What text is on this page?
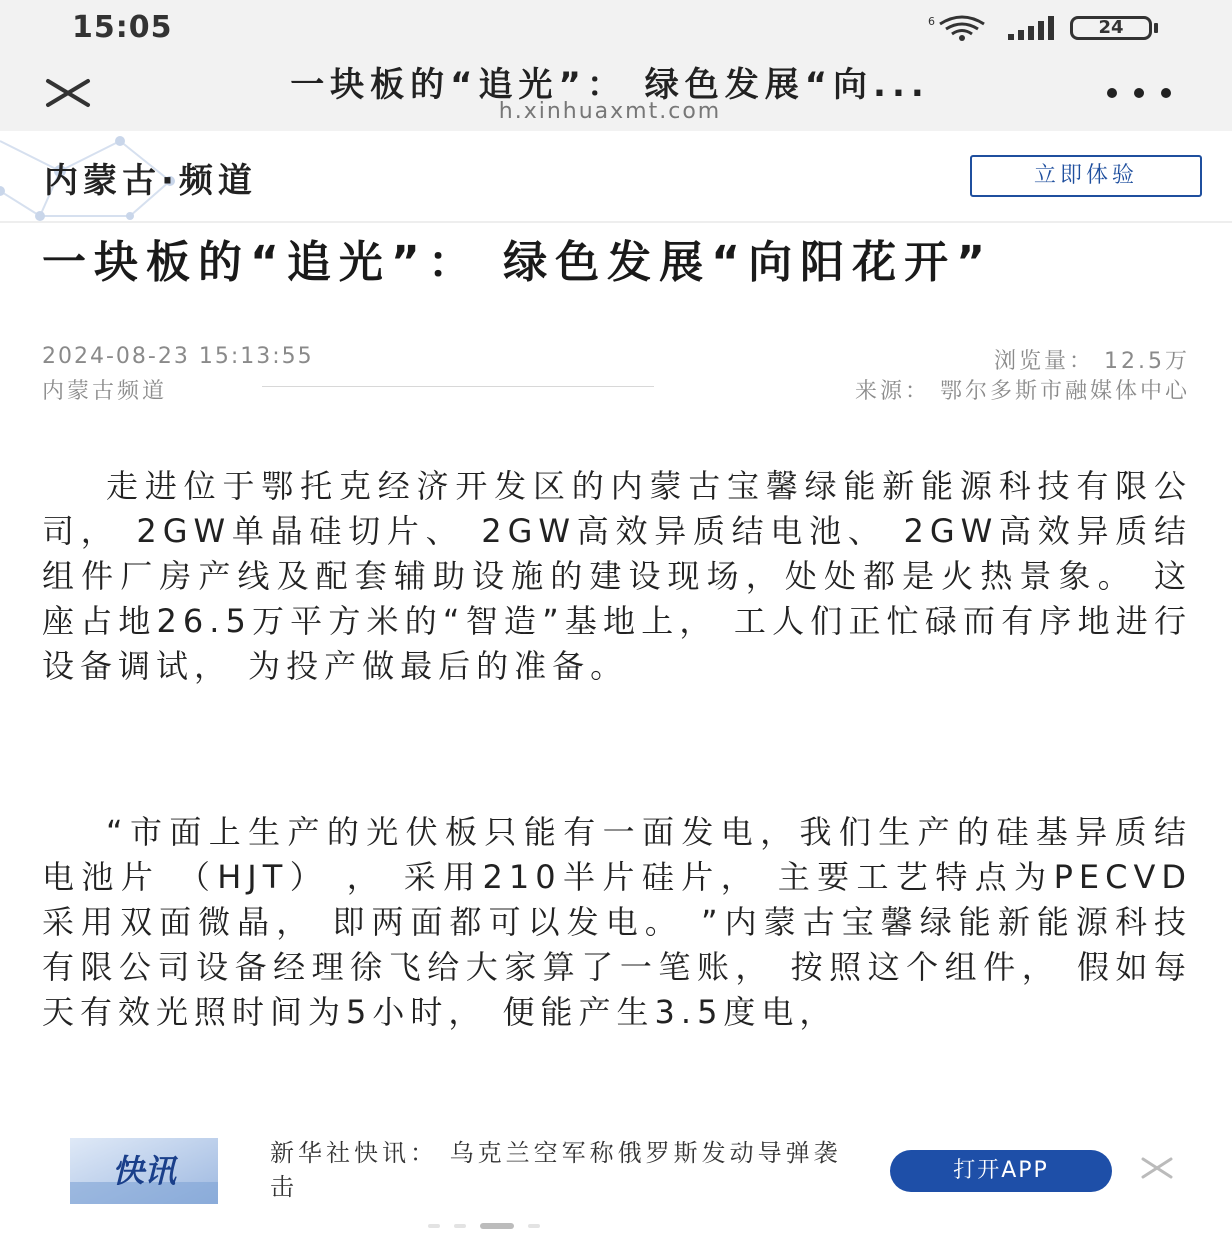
15:05	6	24
一块板的“追光”： 绿色发展“向...
h.xinhuaxmt.com
内蒙古·频道	立即体验
一块板的“追光”： 绿色发展“向阳花开”
2024-08-23 15:13:55	浏览量： 12.5万
内蒙古频道	来源： 鄂尔多斯市融媒体中心

走进位于鄂托克经济开发区的内蒙古宝馨绿能新能源科技有限公司， 2GW单晶硅切片、 2GW高效异质结电池、 2GW高效异质结组件厂房产线及配套辅助设施的建设现场，处处都是火热景象。 这座占地26.5万平方米的“智造”基地上， 工人们正忙碌而有序地进行设备调试， 为投产做最后的准备。

“市面上生产的光伏板只能有一面发电，我们生产的硅基异质结电池片 （HJT） ， 采用210半片硅片， 主要工艺特点为PECVD采用双面微晶， 即两面都可以发电。 ”内蒙古宝馨绿能新能源科技有限公司设备经理徐飞给大家算了一笔账， 按照这个组件， 假如每天有效光照时间为5小时， 便能产生3.5度电，

快讯	新华社快讯： 乌克兰空军称俄罗斯发动导弹袭击
打开APP
